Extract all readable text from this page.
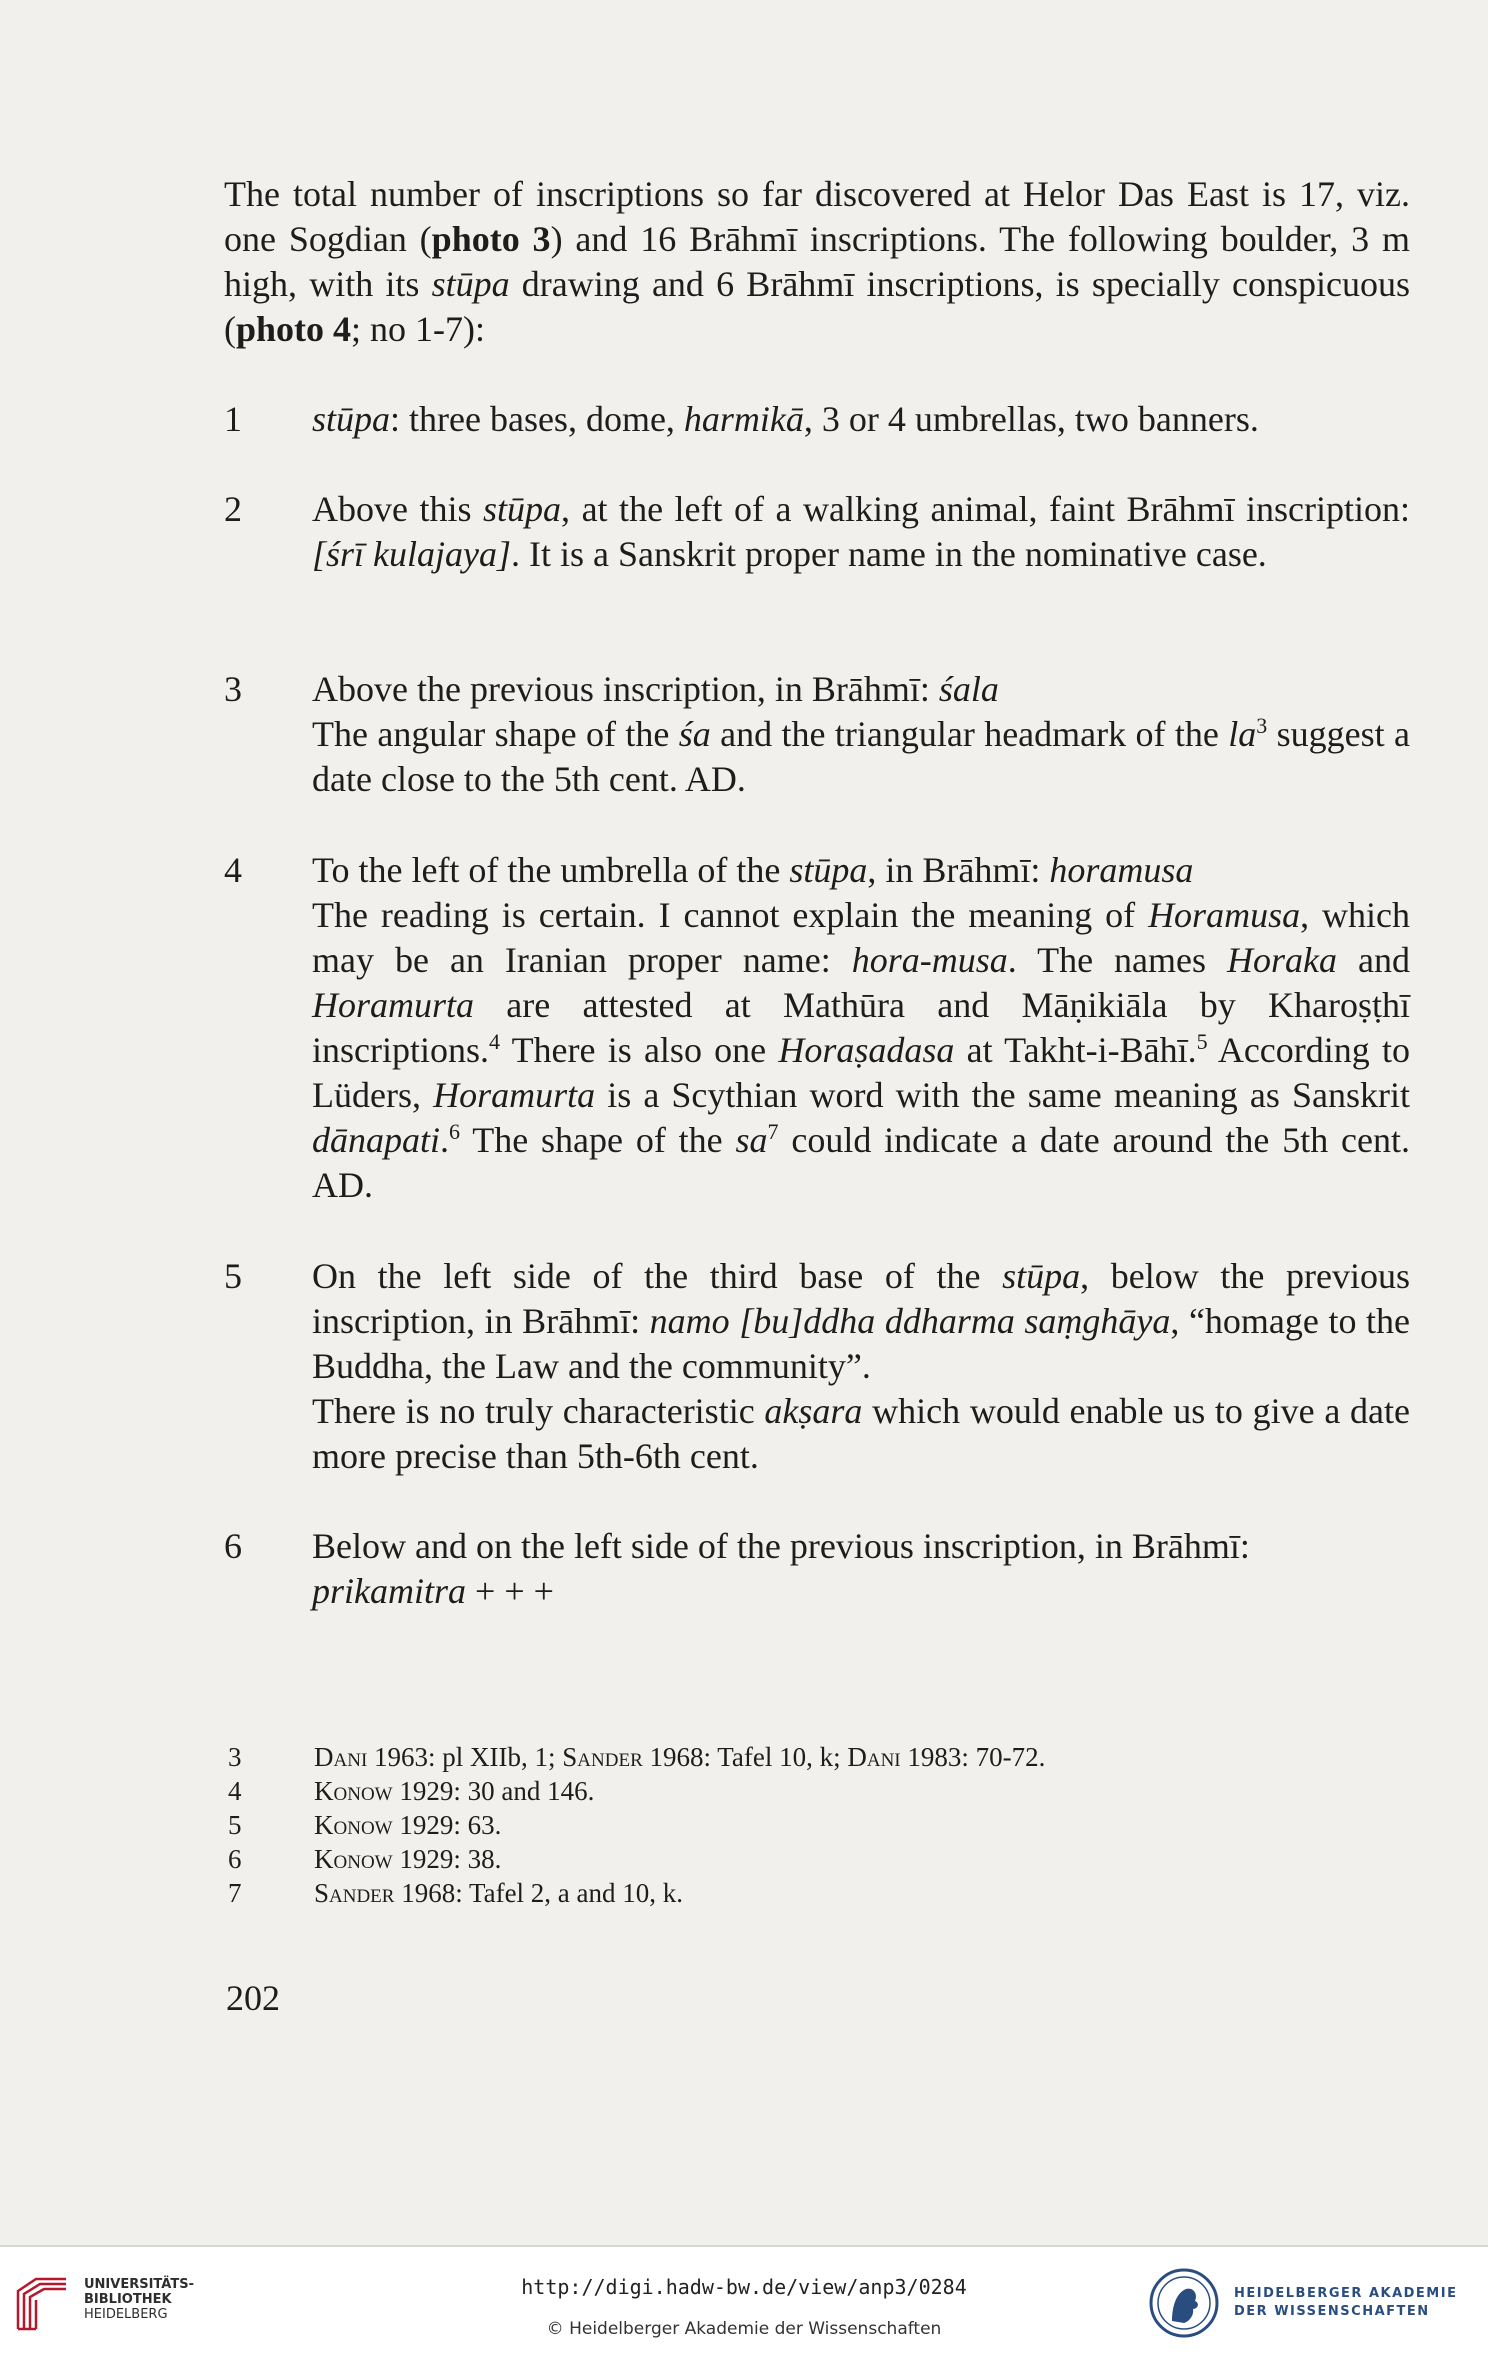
The total number of inscriptions so far discovered at Helor Das East is 17, viz. one Sogdian (photo 3) and 16 Brāhmī inscriptions. The following boulder, 3 m high, with its stūpa drawing and 6 Brāhmī inscriptions, is specially conspicuous (photo 4; no 1-7):

1	stūpa: three bases, dome, harmikā, 3 or 4 umbrellas, two banners.

2	Above this stūpa, at the left of a walking animal, faint Brāhmī inscription: [śrī kulajaya]. It is a Sanskrit proper name in the nominative case.

3	Above the previous inscription, in Brāhmī: śala

The angular shape of the śa and the triangular headmark of the $la^3$ suggest a date close to the 5th cent. AD.

4	To the left of the umbrella of the stūpa, in Brāhmī: horamusa

The reading is certain. I cannot explain the meaning of Horamusa, which may be an Iranian proper name: hora-musa. The names Horaka and Horamurta are attested at Mathūra and Māṇikiāla by Kharoṣṭhī inscriptions.$^4$ There is also one Horaṣadasa at Takht-i-Bāhī.$^5$ According to Lüders, Horamurta is a Scythian word with the same meaning as Sanskrit dānapati.$^6$ The shape of the $sa^7$ could indicate a date around the 5th cent. AD.

5	On the left side of the third base of the stūpa, below the previous inscription, in Brāhmī: namo [bu]ddha ddharma saṃghāya, “homage to the Buddha, the Law and the community”.

There is no truly characteristic akṣara which would enable us to give a date more precise than 5th-6th cent.

6	Below and on the left side of the previous inscription, in Brāhmī:

prikamitra + + +

3	Dani 1963: pl XIIb, 1; Sander 1968: Tafel 10, k; Dani 1983: 70-72.
4	Konow 1929: 30 and 146.
5	Konow 1929: 63.
6	Konow 1929: 38.
7	Sander 1968: Tafel 2, a and 10, k.
202
UNIVERSITÄTS-
BIBLIOTHEK
HEIDELBERG
http://digi.hadw-bw.de/view/anp3/0284
© Heidelberger Akademie der Wissenschaften
HEIDELBERGER AKADEMIE
DER WISSENSCHAFTEN
